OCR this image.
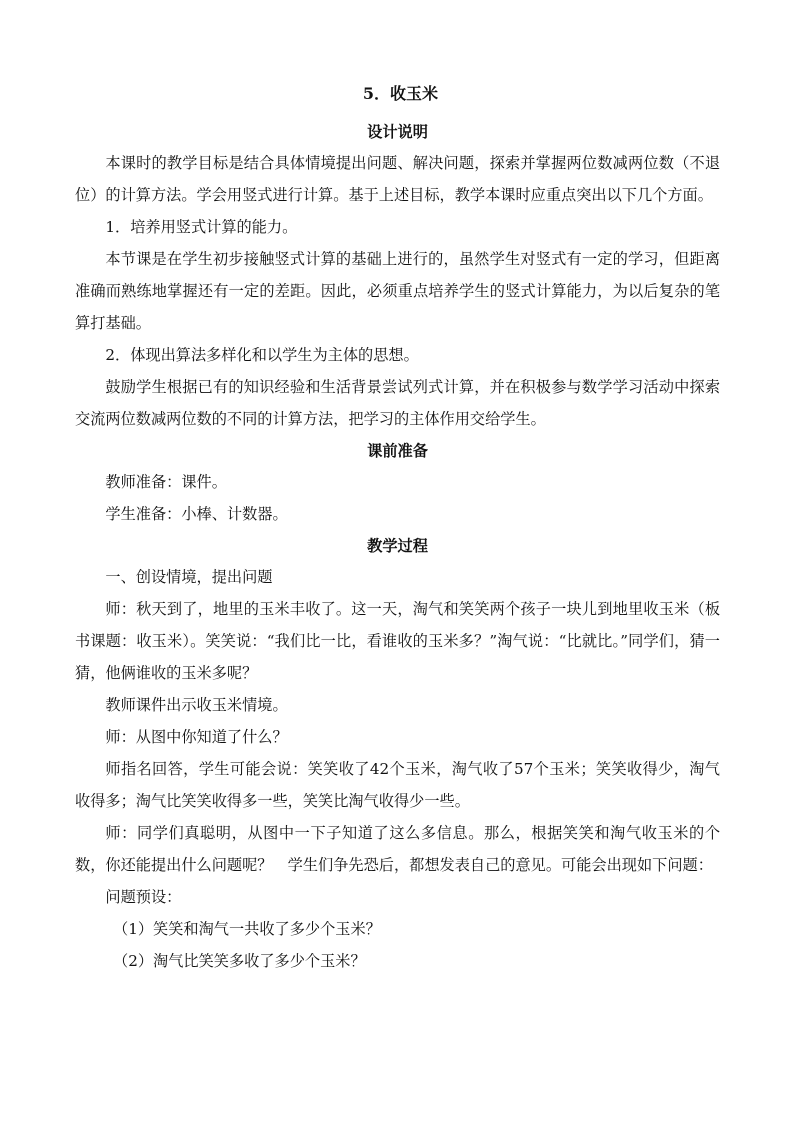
5．收玉米
设计说明

本课时的教学目标是结合具体情境提出问题、解决问题，探索并掌握两位数减两位数（不退位）的计算方法。学会用竖式进行计算。基于上述目标，教学本课时应重点突出以下几个方面。

1．培养用竖式计算的能力。

本节课是在学生初步接触竖式计算的基础上进行的，虽然学生对竖式有一定的学习，但距离准确而熟练地掌握还有一定的差距。因此，必须重点培养学生的竖式计算能力，为以后复杂的笔算打基础。

2．体现出算法多样化和以学生为主体的思想。

鼓励学生根据已有的知识经验和生活背景尝试列式计算，并在积极参与数学学习活动中探索交流两位数减两位数的不同的计算方法，把学习的主体作用交给学生。

课前准备

教师准备：课件。

学生准备：小棒、计数器。

教学过程

一、创设情境，提出问题

师：秋天到了，地里的玉米丰收了。这一天，淘气和笑笑两个孩子一块儿到地里收玉米（板书课题：收玉米）。笑笑说：“我们比一比，看谁收的玉米多？”淘气说：“比就比。”同学们，猜一猜，他俩谁收的玉米多呢？

教师课件出示收玉米情境。

师：从图中你知道了什么？

师指名回答，学生可能会说：笑笑收了42个玉米，淘气收了57个玉米；笑笑收得少，淘气收得多；淘气比笑笑收得多一些，笑笑比淘气收得少一些。

师：同学们真聪明，从图中一下子知道了这么多信息。那么，根据笑笑和淘气收玉米的个数，你还能提出什么问题呢？　学生们争先恐后，都想发表自己的意见。可能会出现如下问题：

问题预设：

（1）笑笑和淘气一共收了多少个玉米？

（2）淘气比笑笑多收了多少个玉米？
